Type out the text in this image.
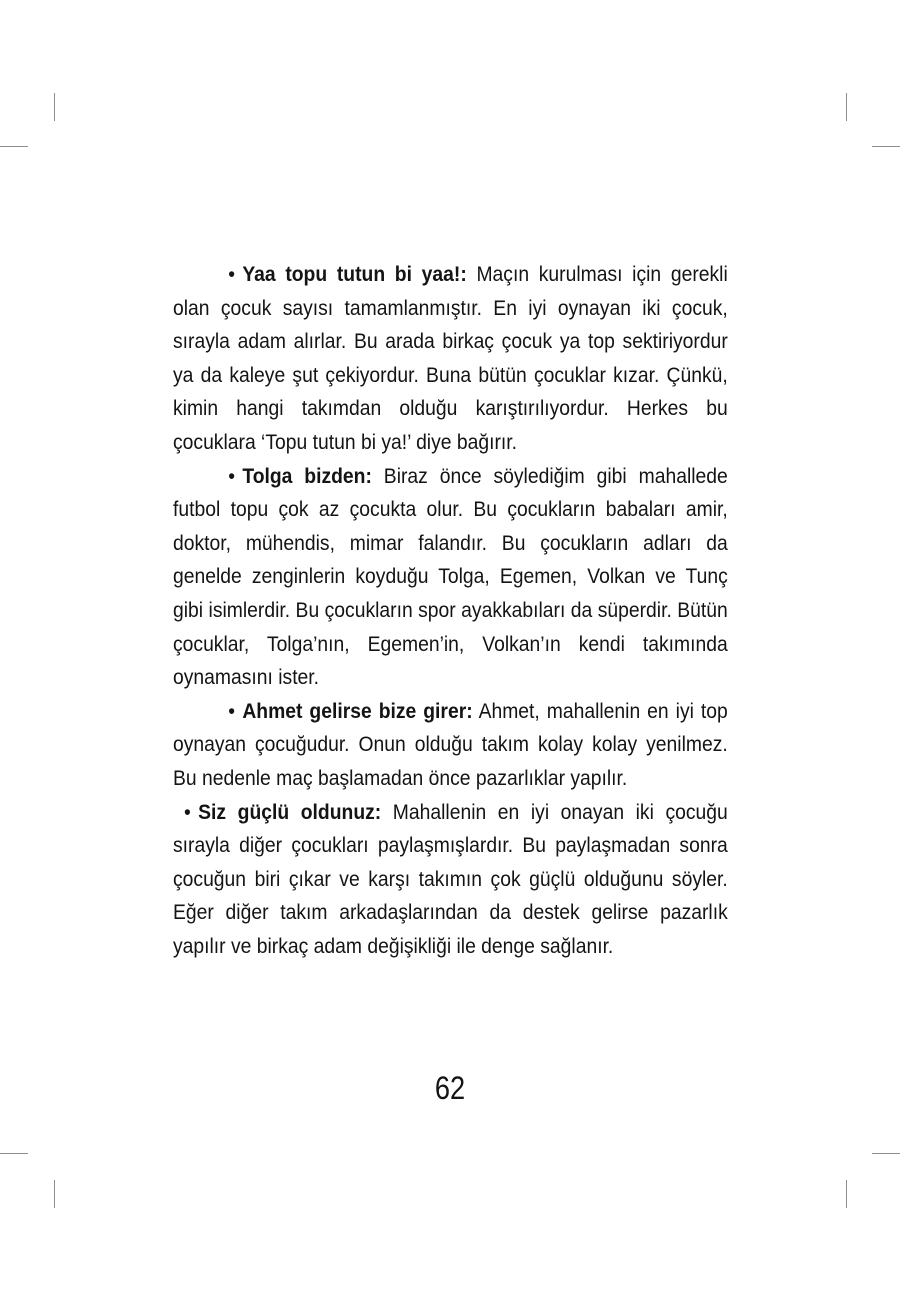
• Yaa topu tutun bi yaa!: Maçın kurulması için gerekli olan çocuk sayısı tamamlanmıştır. En iyi oynayan iki çocuk, sırayla adam alırlar. Bu arada birkaç çocuk ya top sektiriyordur ya da kaleye şut çekiyordur. Buna bütün çocuklar kızar. Çünkü, kimin hangi takımdan olduğu karıştırılıyordur. Herkes bu çocuklara ‘Topu tutun bi ya!’ diye bağırır.

• Tolga bizden: Biraz önce söylediğim gibi mahallede futbol topu çok az çocukta olur. Bu çocukların babaları amir, doktor, mühendis, mimar falandır. Bu çocukların adları da genelde zenginlerin koyduğu Tolga, Egemen, Volkan ve Tunç gibi isimlerdir. Bu çocukların spor ayakkabıları da süperdir. Bütün çocuklar, Tolga’nın, Egemen’in, Volkan’ın kendi takımında oynamasını ister.

• Ahmet gelirse bize girer: Ahmet, mahallenin en iyi top oynayan çocuğudur. Onun olduğu takım kolay kolay yenilmez. Bu nedenle maç başlamadan önce pazarlıklar yapılır.

• Siz güçlü oldunuz: Mahallenin en iyi onayan iki çocuğu sırayla diğer çocukları paylaşmışlardır. Bu paylaşmadan sonra çocuğun biri çıkar ve karşı takımın çok güçlü olduğunu söyler. Eğer diğer takım arkadaşlarından da destek gelirse pazarlık yapılır ve birkaç adam değişikliği ile denge sağlanır.

62
